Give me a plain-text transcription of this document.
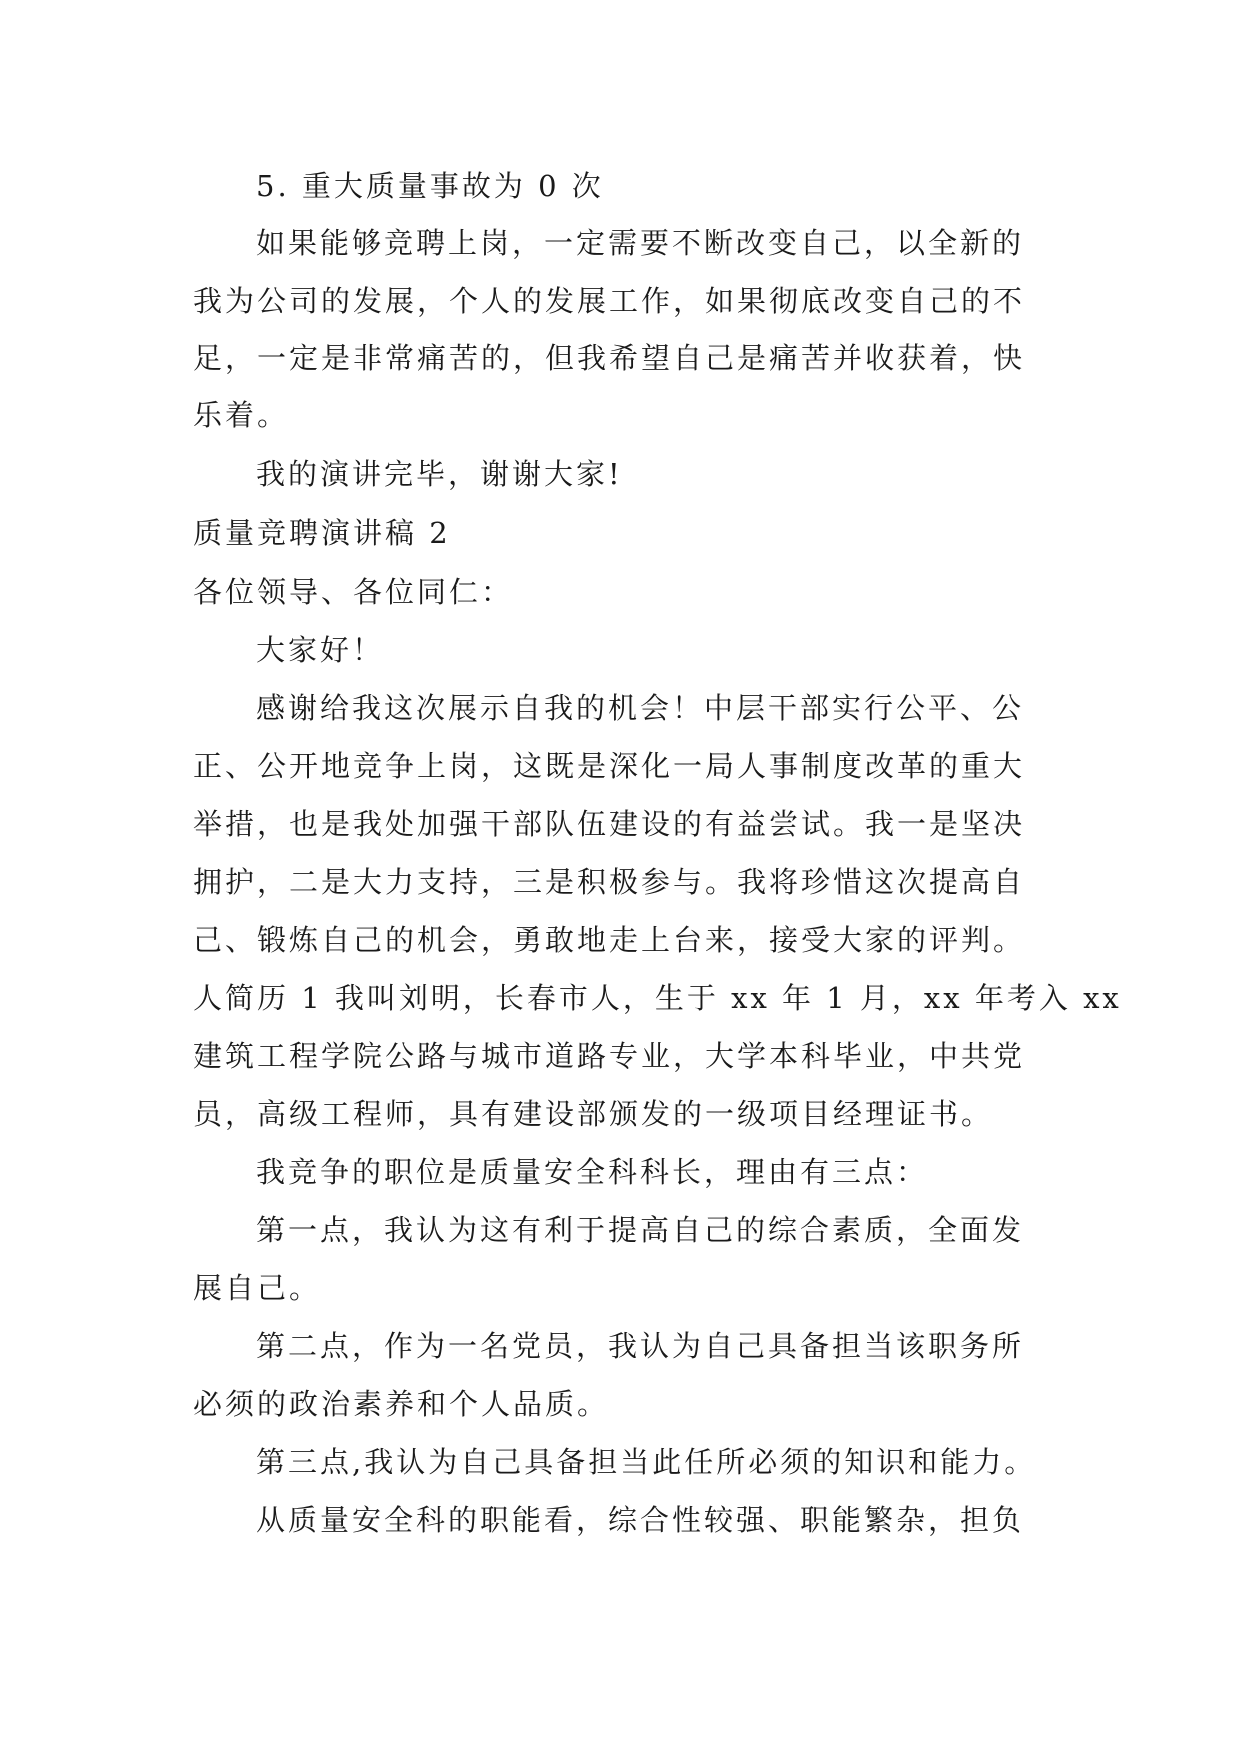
5. 重大质量事故为 0 次
如果能够竞聘上岗，一定需要不断改变自己，以全新的
我为公司的发展，个人的发展工作，如果彻底改变自己的不
足，一定是非常痛苦的，但我希望自己是痛苦并收获着，快
乐着。
我的演讲完毕，谢谢大家!
质量竞聘演讲稿 2
各位领导、各位同仁：
大家好！
感谢给我这次展示自我的机会！中层干部实行公平、公
正、公开地竞争上岗，这既是深化一局人事制度改革的重大
举措，也是我处加强干部队伍建设的有益尝试。我一是坚决
拥护，二是大力支持，三是积极参与。我将珍惜这次提高自
己、锻炼自己的机会，勇敢地走上台来，接受大家的评判。
人简历 1 我叫刘明，长春市人，生于 xx 年 1 月，xx 年考入 xx
建筑工程学院公路与城市道路专业，大学本科毕业，中共党
员，高级工程师，具有建设部颁发的一级项目经理证书。
我竞争的职位是质量安全科科长，理由有三点：
第一点，我认为这有利于提高自己的综合素质，全面发
展自己。
第二点，作为一名党员，我认为自己具备担当该职务所
必须的政治素养和个人品质。
第三点,我认为自己具备担当此任所必须的知识和能力。
从质量安全科的职能看，综合性较强、职能繁杂，担负
